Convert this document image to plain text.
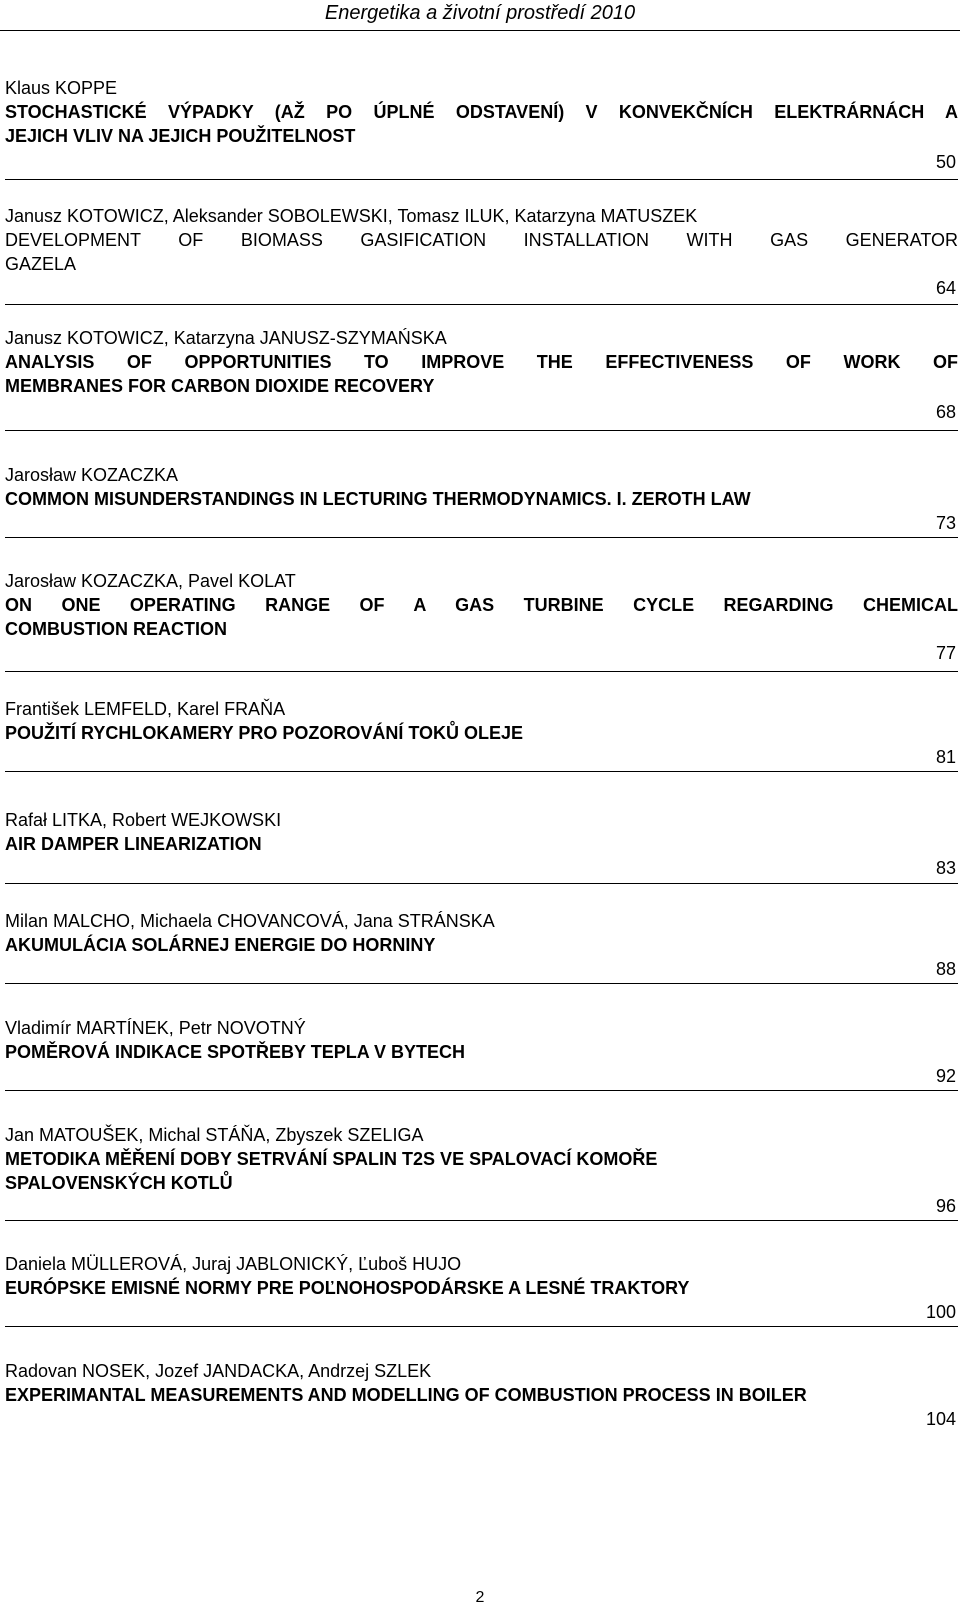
Energetika a životní prostředí 2010
Klaus KOPPE
STOCHASTICKÉ VÝPADKY (AŽ PO ÚPLNÉ ODSTAVENÍ) V KONVEKČNÍCH ELEKTRÁRNÁCH A
JEJICH VLIV NA JEJICH POUŽITELNOST
50
Janusz KOTOWICZ, Aleksander SOBOLEWSKI, Tomasz ILUK, Katarzyna MATUSZEK
DEVELOPMENT OF BIOMASS GASIFICATION INSTALLATION WITH GAS GENERATOR
GAZELA
64
Janusz KOTOWICZ, Katarzyna JANUSZ-SZYMAŃSKA
ANALYSIS OF OPPORTUNITIES TO IMPROVE THE EFFECTIVENESS OF WORK OF
MEMBRANES FOR CARBON DIOXIDE RECOVERY
68
Jarosław KOZACZKA
COMMON MISUNDERSTANDINGS IN LECTURING THERMODYNAMICS. I. ZEROTH LAW
73
Jarosław KOZACZKA, Pavel KOLAT
ON ONE OPERATING RANGE OF A GAS TURBINE CYCLE REGARDING CHEMICAL
COMBUSTION REACTION
77
František LEMFELD, Karel FRAŇA
POUŽITÍ RYCHLOKAMERY PRO POZOROVÁNÍ TOKŮ OLEJE
81
Rafał LITKA, Robert WEJKOWSKI
AIR DAMPER LINEARIZATION
83
Milan MALCHO, Michaela CHOVANCOVÁ, Jana STRÁNSKA
AKUMULÁCIA SOLÁRNEJ ENERGIE DO HORNINY
88
Vladimír MARTÍNEK, Petr NOVOTNÝ
POMĚROVÁ INDIKACE SPOTŘEBY TEPLA V BYTECH
92
Jan MATOUŠEK, Michal STÁŇA, Zbyszek SZELIGA
METODIKA MĚŘENÍ DOBY SETRVÁNÍ SPALIN T2S VE SPALOVACÍ KOMOŘE
SPALOVENSKÝCH KOTLŮ
96
Daniela MÜLLEROVÁ, Juraj JABLONICKÝ, Ľuboš HUJO
EURÓPSKE EMISNÉ NORMY PRE POĽNOHOSPODÁRSKE A LESNÉ TRAKTORY
100
Radovan NOSEK, Jozef JANDACKA, Andrzej SZLEK
EXPERIMANTAL MEASUREMENTS AND MODELLING OF COMBUSTION PROCESS IN BOILER
104
2
